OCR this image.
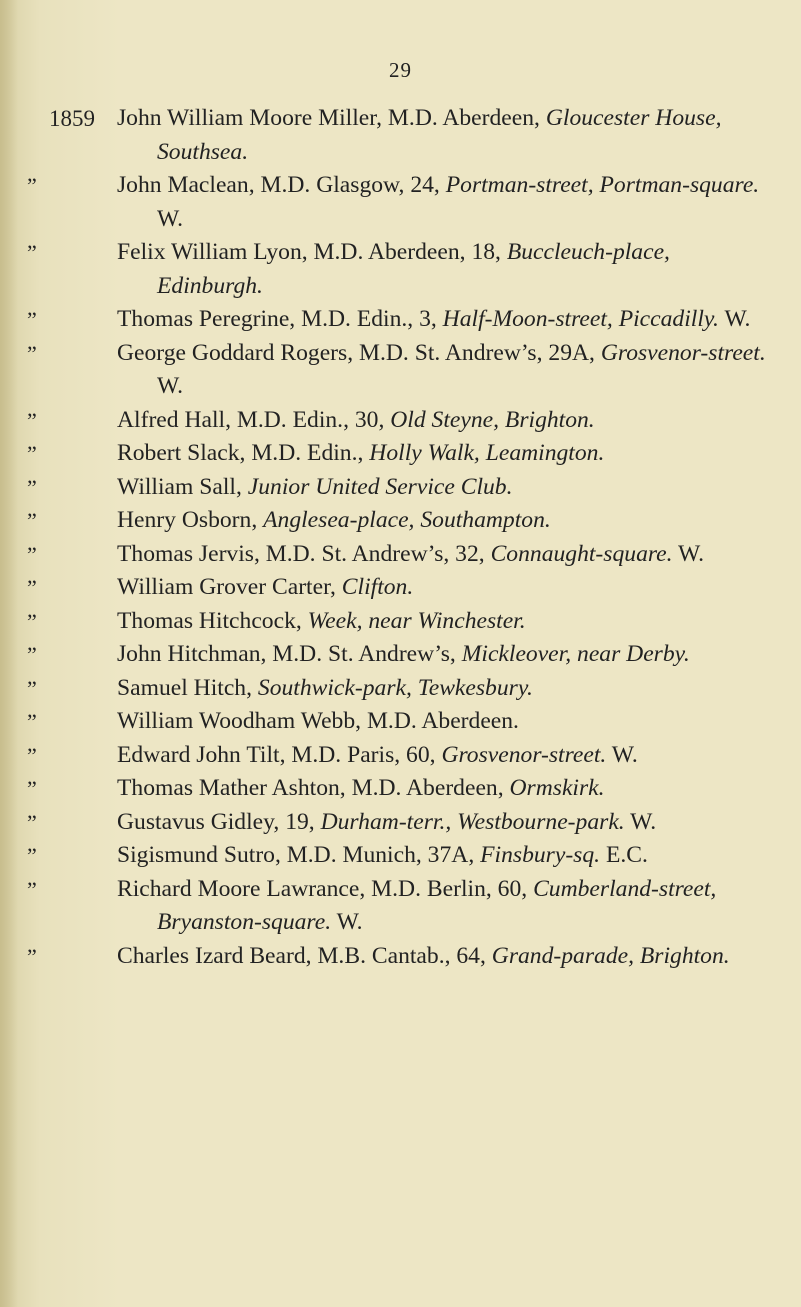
29
1859 John William Moore Miller, M.D. Aberdeen, Gloucester House, Southsea.
”	John Maclean, M.D. Glasgow, 24, Portman-street, Portman-square. W.
”	Felix William Lyon, M.D. Aberdeen, 18, Buccleuch-place, Edinburgh.
”	Thomas Peregrine, M.D. Edin., 3, Half-Moon-street, Piccadilly. W.
”	George Goddard Rogers, M.D. St. Andrew’s, 29A, Grosvenor-street. W.
”	Alfred Hall, M.D. Edin., 30, Old Steyne, Brighton.
”	Robert Slack, M.D. Edin., Holly Walk, Leamington.
”	William Sall, Junior United Service Club.
”	Henry Osborn, Anglesea-place, Southampton.
”	Thomas Jervis, M.D. St. Andrew’s, 32, Connaught-square. W.
”	William Grover Carter, Clifton.
”	Thomas Hitchcock, Week, near Winchester.
”	John Hitchman, M.D. St. Andrew’s, Mickleover, near Derby.
”	Samuel Hitch, Southwick-park, Tewkesbury.
”	William Woodham Webb, M.D. Aberdeen.
”	Edward John Tilt, M.D. Paris, 60, Grosvenor-street. W.
”	Thomas Mather Ashton, M.D. Aberdeen, Ormskirk.
”	Gustavus Gidley, 19, Durham-terr., Westbourne-park. W.
”	Sigismund Sutro, M.D. Munich, 37A, Finsbury-sq. E.C.
”	Richard Moore Lawrance, M.D. Berlin, 60, Cumberland-street, Bryanston-square. W.
”	Charles Izard Beard, M.B. Cantab., 64, Grand-parade, Brighton.
